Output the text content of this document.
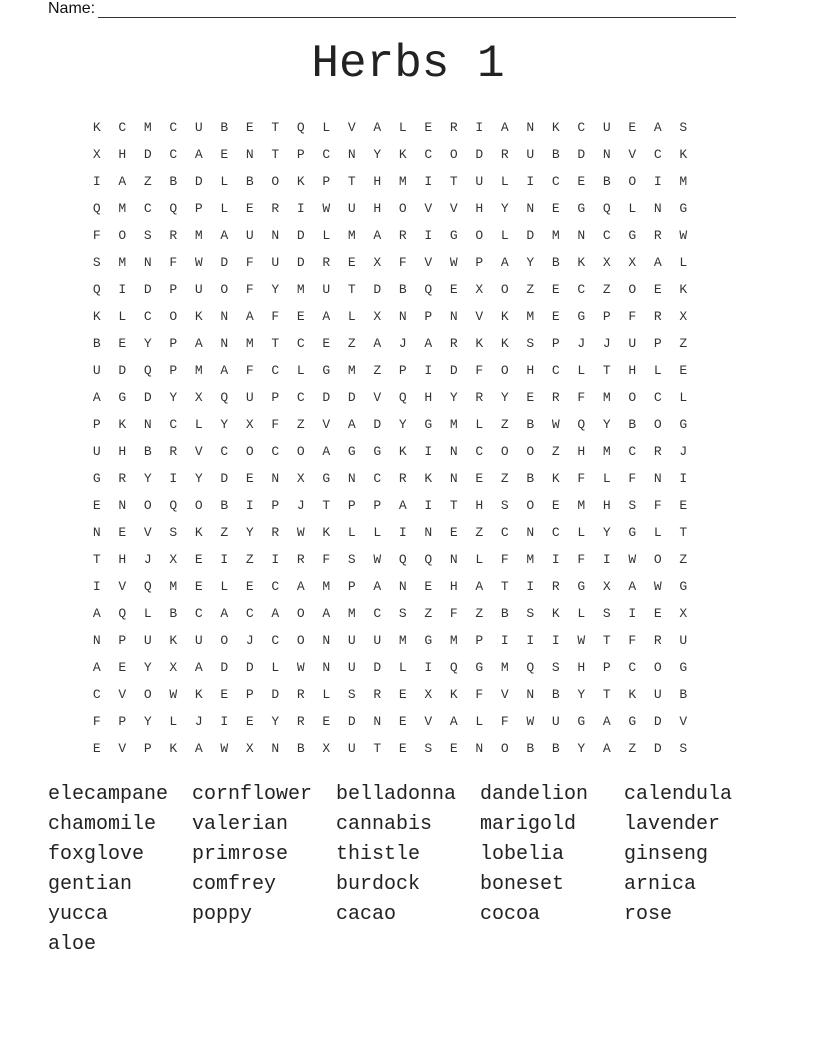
Name:
Herbs 1
K	C	M	C	U	B	E	T	Q	L	V	A	L	E	R	I	A	N	K	C	U	E	A	S
X	H	D	C	A	E	N	T	P	C	N	Y	K	C	O	D	R	U	B	D	N	V	C	K
I	A	Z	B	D	L	B	O	K	P	T	H	M	I	T	U	L	I	C	E	B	O	I	M
Q	M	C	Q	P	L	E	R	I	W	U	H	O	V	V	H	Y	N	E	G	Q	L	N	G
F	O	S	R	M	A	U	N	D	L	M	A	R	I	G	O	L	D	M	N	C	G	R	W
S	M	N	F	W	D	F	U	D	R	E	X	F	V	W	P	A	Y	B	K	X	X	A	L
Q	I	D	P	U	O	F	Y	M	U	T	D	B	Q	E	X	O	Z	E	C	Z	O	E	K
K	L	C	O	K	N	A	F	E	A	L	X	N	P	N	V	K	M	E	G	P	F	R	X
B	E	Y	P	A	N	M	T	C	E	Z	A	J	A	R	K	K	S	P	J	J	U	P	Z
U	D	Q	P	M	A	F	C	L	G	M	Z	P	I	D	F	O	H	C	L	T	H	L	E
A	G	D	Y	X	Q	U	P	C	D	D	V	Q	H	Y	R	Y	E	R	F	M	O	C	L
P	K	N	C	L	Y	X	F	Z	V	A	D	Y	G	M	L	Z	B	W	Q	Y	B	O	G
U	H	B	R	V	C	O	C	O	A	G	G	K	I	N	C	O	O	Z	H	M	C	R	J
G	R	Y	I	Y	D	E	N	X	G	N	C	R	K	N	E	Z	B	K	F	L	F	N	I
E	N	O	Q	O	B	I	P	J	T	P	P	A	I	T	H	S	O	E	M	H	S	F	E
N	E	V	S	K	Z	Y	R	W	K	L	L	I	N	E	Z	C	N	C	L	Y	G	L	T
T	H	J	X	E	I	Z	I	R	F	S	W	Q	Q	N	L	F	M	I	F	I	W	O	Z
I	V	Q	M	E	L	E	C	A	M	P	A	N	E	H	A	T	I	R	G	X	A	W	G
A	Q	L	B	C	A	C	A	O	A	M	C	S	Z	F	Z	B	S	K	L	S	I	E	X
N	P	U	K	U	O	J	C	O	N	U	U	M	G	M	P	I	I	I	W	T	F	R	U
A	E	Y	X	A	D	D	L	W	N	U	D	L	I	Q	G	M	Q	S	H	P	C	O	G
C	V	O	W	K	E	P	D	R	L	S	R	E	X	K	F	V	N	B	Y	T	K	U	B
F	P	Y	L	J	I	E	Y	R	E	D	N	E	V	A	L	F	W	U	G	A	G	D	V
E	V	P	K	A	W	X	N	B	X	U	T	E	S	E	N	O	B	B	Y	A	Z	D	S
elecampane	cornflower	belladonna	dandelion	calendula
chamomile	valerian	cannabis	marigold	lavender
foxglove	primrose	thistle	lobelia	ginseng
gentian	comfrey	burdock	boneset	arnica
yucca	poppy	cacao	cocoa	rose
aloe
